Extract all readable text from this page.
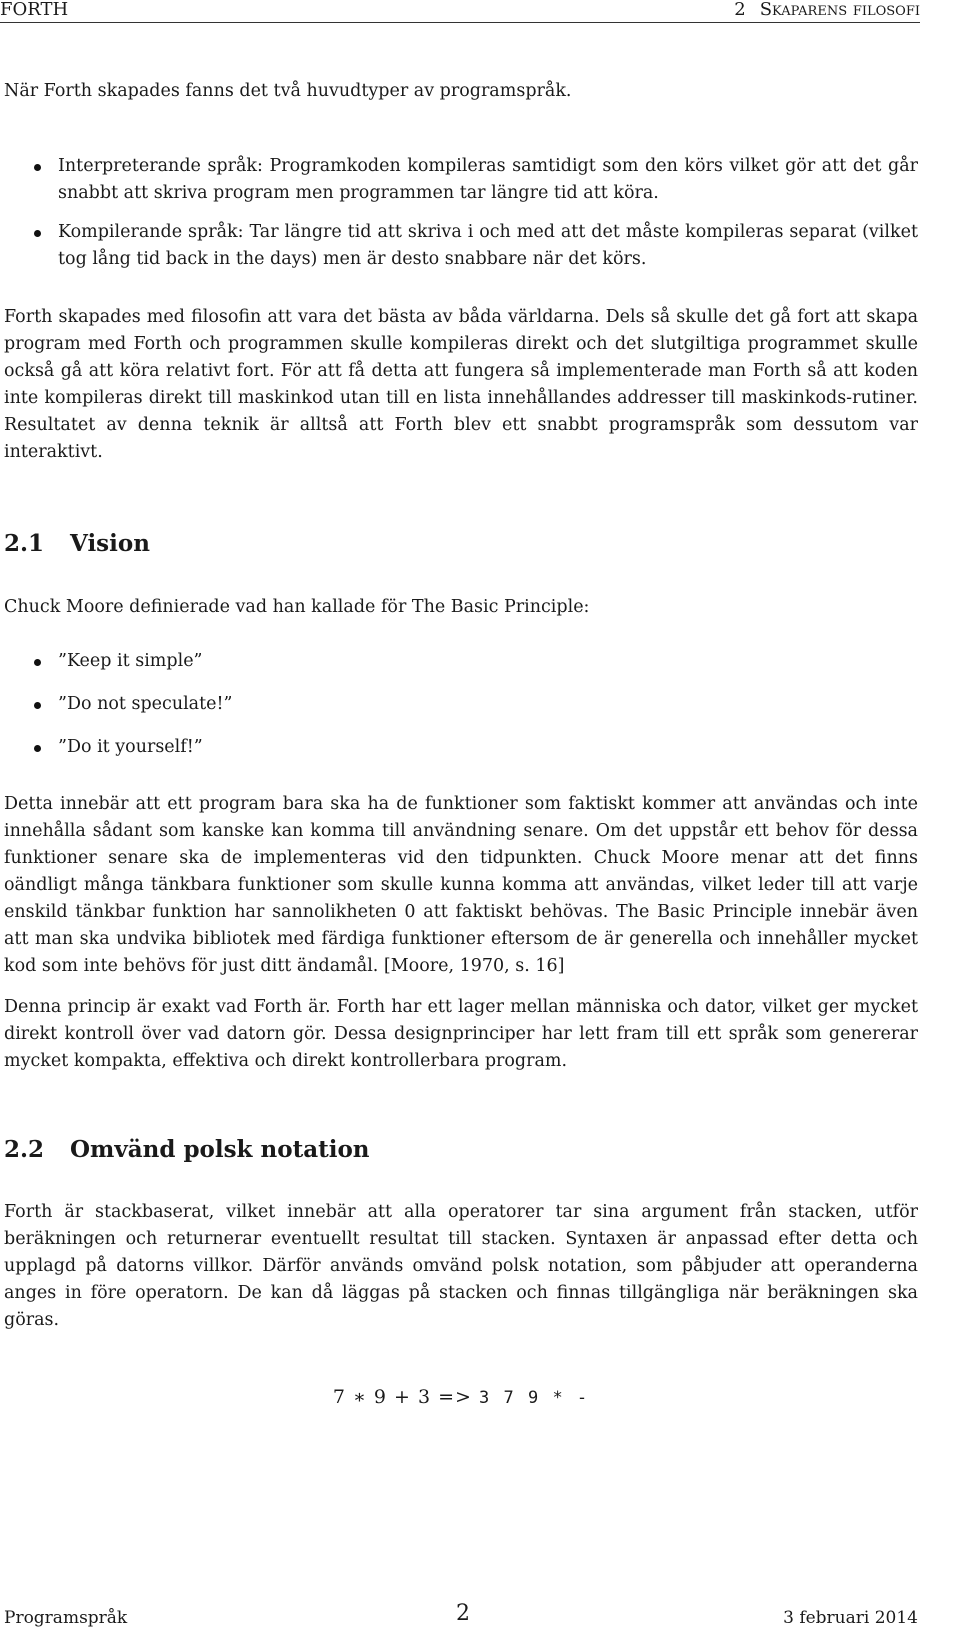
FORTH	2 Skaparens filosofi

När Forth skapades fanns det två huvudtyper av programspråk.

Interpreterande språk: Programkoden kompileras samtidigt som den körs vilket gör att det går snabbt att skriva program men programmen tar längre tid att köra.
Kompilerande språk: Tar längre tid att skriva i och med att det måste kompileras separat (vilket tog lång tid back in the days) men är desto snabbare när det körs.

Forth skapades med filosofin att vara det bästa av båda världarna. Dels så skulle det gå fort att skapa program med Forth och programmen skulle kompileras direkt och det slutgiltiga programmet skulle också gå att köra relativt fort. För att få detta att fungera så implementerade man Forth så att koden inte kompileras direkt till maskinkod utan till en lista innehållandes addresser till maskinkods-rutiner. Resultatet av denna teknik är alltså att Forth blev ett snabbt programspråk som dessutom var interaktivt.

2.1 Vision

Chuck Moore definierade vad han kallade för The Basic Principle:

”Keep it simple”
”Do not speculate!”
”Do it yourself!”

Detta innebär att ett program bara ska ha de funktioner som faktiskt kommer att användas och inte innehålla sådant som kanske kan komma till användning senare. Om det uppstår ett behov för dessa funktioner senare ska de implementeras vid den tidpunkten. Chuck Moore menar att det finns oändligt många tänkbara funktioner som skulle kunna komma att användas, vilket leder till att varje enskild tänkbar funktion har sannolikheten 0 att faktiskt behövas. The Basic Principle innebär även att man ska undvika bibliotek med färdiga funktioner eftersom de är generella och innehåller mycket kod som inte behövs för just ditt ändamål. [Moore, 1970, s. 16]

Denna princip är exakt vad Forth är. Forth har ett lager mellan människa och dator, vilket ger mycket direkt kontroll över vad datorn gör. Dessa designprinciper har lett fram till ett språk som genererar mycket kompakta, effektiva och direkt kontrollerbara program.

2.2 Omvänd polsk notation

Forth är stackbaserat, vilket innebär att alla operatorer tar sina argument från stacken, utför beräkningen och returnerar eventuellt resultat till stacken. Syntaxen är anpassad efter detta och upplagd på datorns villkor. Därför används omvänd polsk notation, som påbjuder att operanderna anges in före operatorn. De kan då läggas på stacken och finnas tillgängliga när beräkningen ska göras.

7 ∗ 9 + 3 => 3 7 9 * -
Programspråk	2	3 februari 2014
